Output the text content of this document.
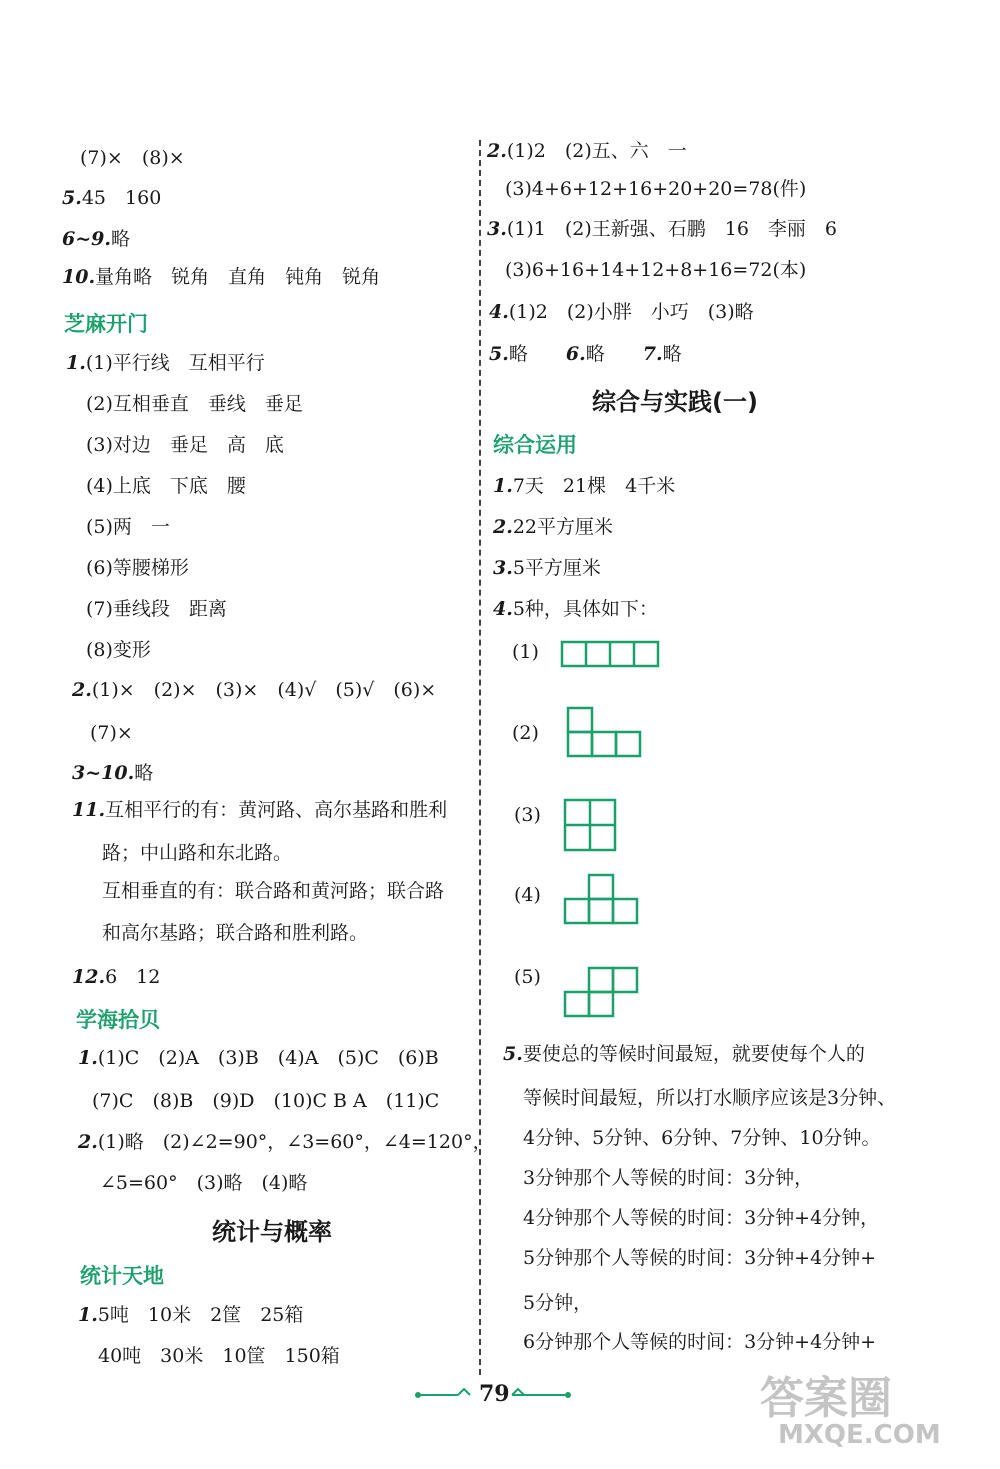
(7)×　(8)×
5.45　160
6~9.略
10.量角略　锐角　直角　钝角　锐角
芝麻开门
1.(1)平行线　互相平行
(2)互相垂直　垂线　垂足
(3)对边　垂足　高　底
(4)上底　下底　腰
(5)两　一
(6)等腰梯形
(7)垂线段　距离
(8)变形
2.(1)×　(2)×　(3)×　(4)√　(5)√　(6)×
(7)×
3~10.略
11.互相平行的有：黄河路、高尔基路和胜利
路；中山路和东北路。
互相垂直的有：联合路和黄河路；联合路
和高尔基路；联合路和胜利路。
12.6　12
学海拾贝
1.(1)C　(2)A　(3)B　(4)A　(5)C　(6)B
(7)C　(8)B　(9)D　(10)C B A　(11)C
2.(1)略　(2)∠2=90°，∠3=60°，∠4=120°，
∠5=60°　(3)略　(4)略
统计与概率
统计天地
1.5吨　10米　2筐　25箱
40吨　30米　10筐　150箱
2.(1)2　(2)五、六　一
(3)4+6+12+16+20+20=78(件)
3.(1)1　(2)王新强、石鹏　16　李丽　6
(3)6+16+14+12+8+16=72(本)
4.(1)2　(2)小胖　小巧　(3)略
5.略　　 6.略　　 7.略
综合与实践(一)
综合运用
1.7天　21棵　4千米
2.22平方厘米
3.5平方厘米
4.5种，具体如下：
(1)
(2)
(3)
(4)
(5)
5.要使总的等候时间最短，就要使每个人的
等候时间最短，所以打水顺序应该是3分钟、
4分钟、5分钟、6分钟、7分钟、10分钟。
3分钟那个人等候的时间：3分钟，
4分钟那个人等候的时间：3分钟+4分钟，
5分钟那个人等候的时间：3分钟+4分钟+
5分钟，
6分钟那个人等候的时间：3分钟+4分钟+
79	答案圈
MXQE.COM
